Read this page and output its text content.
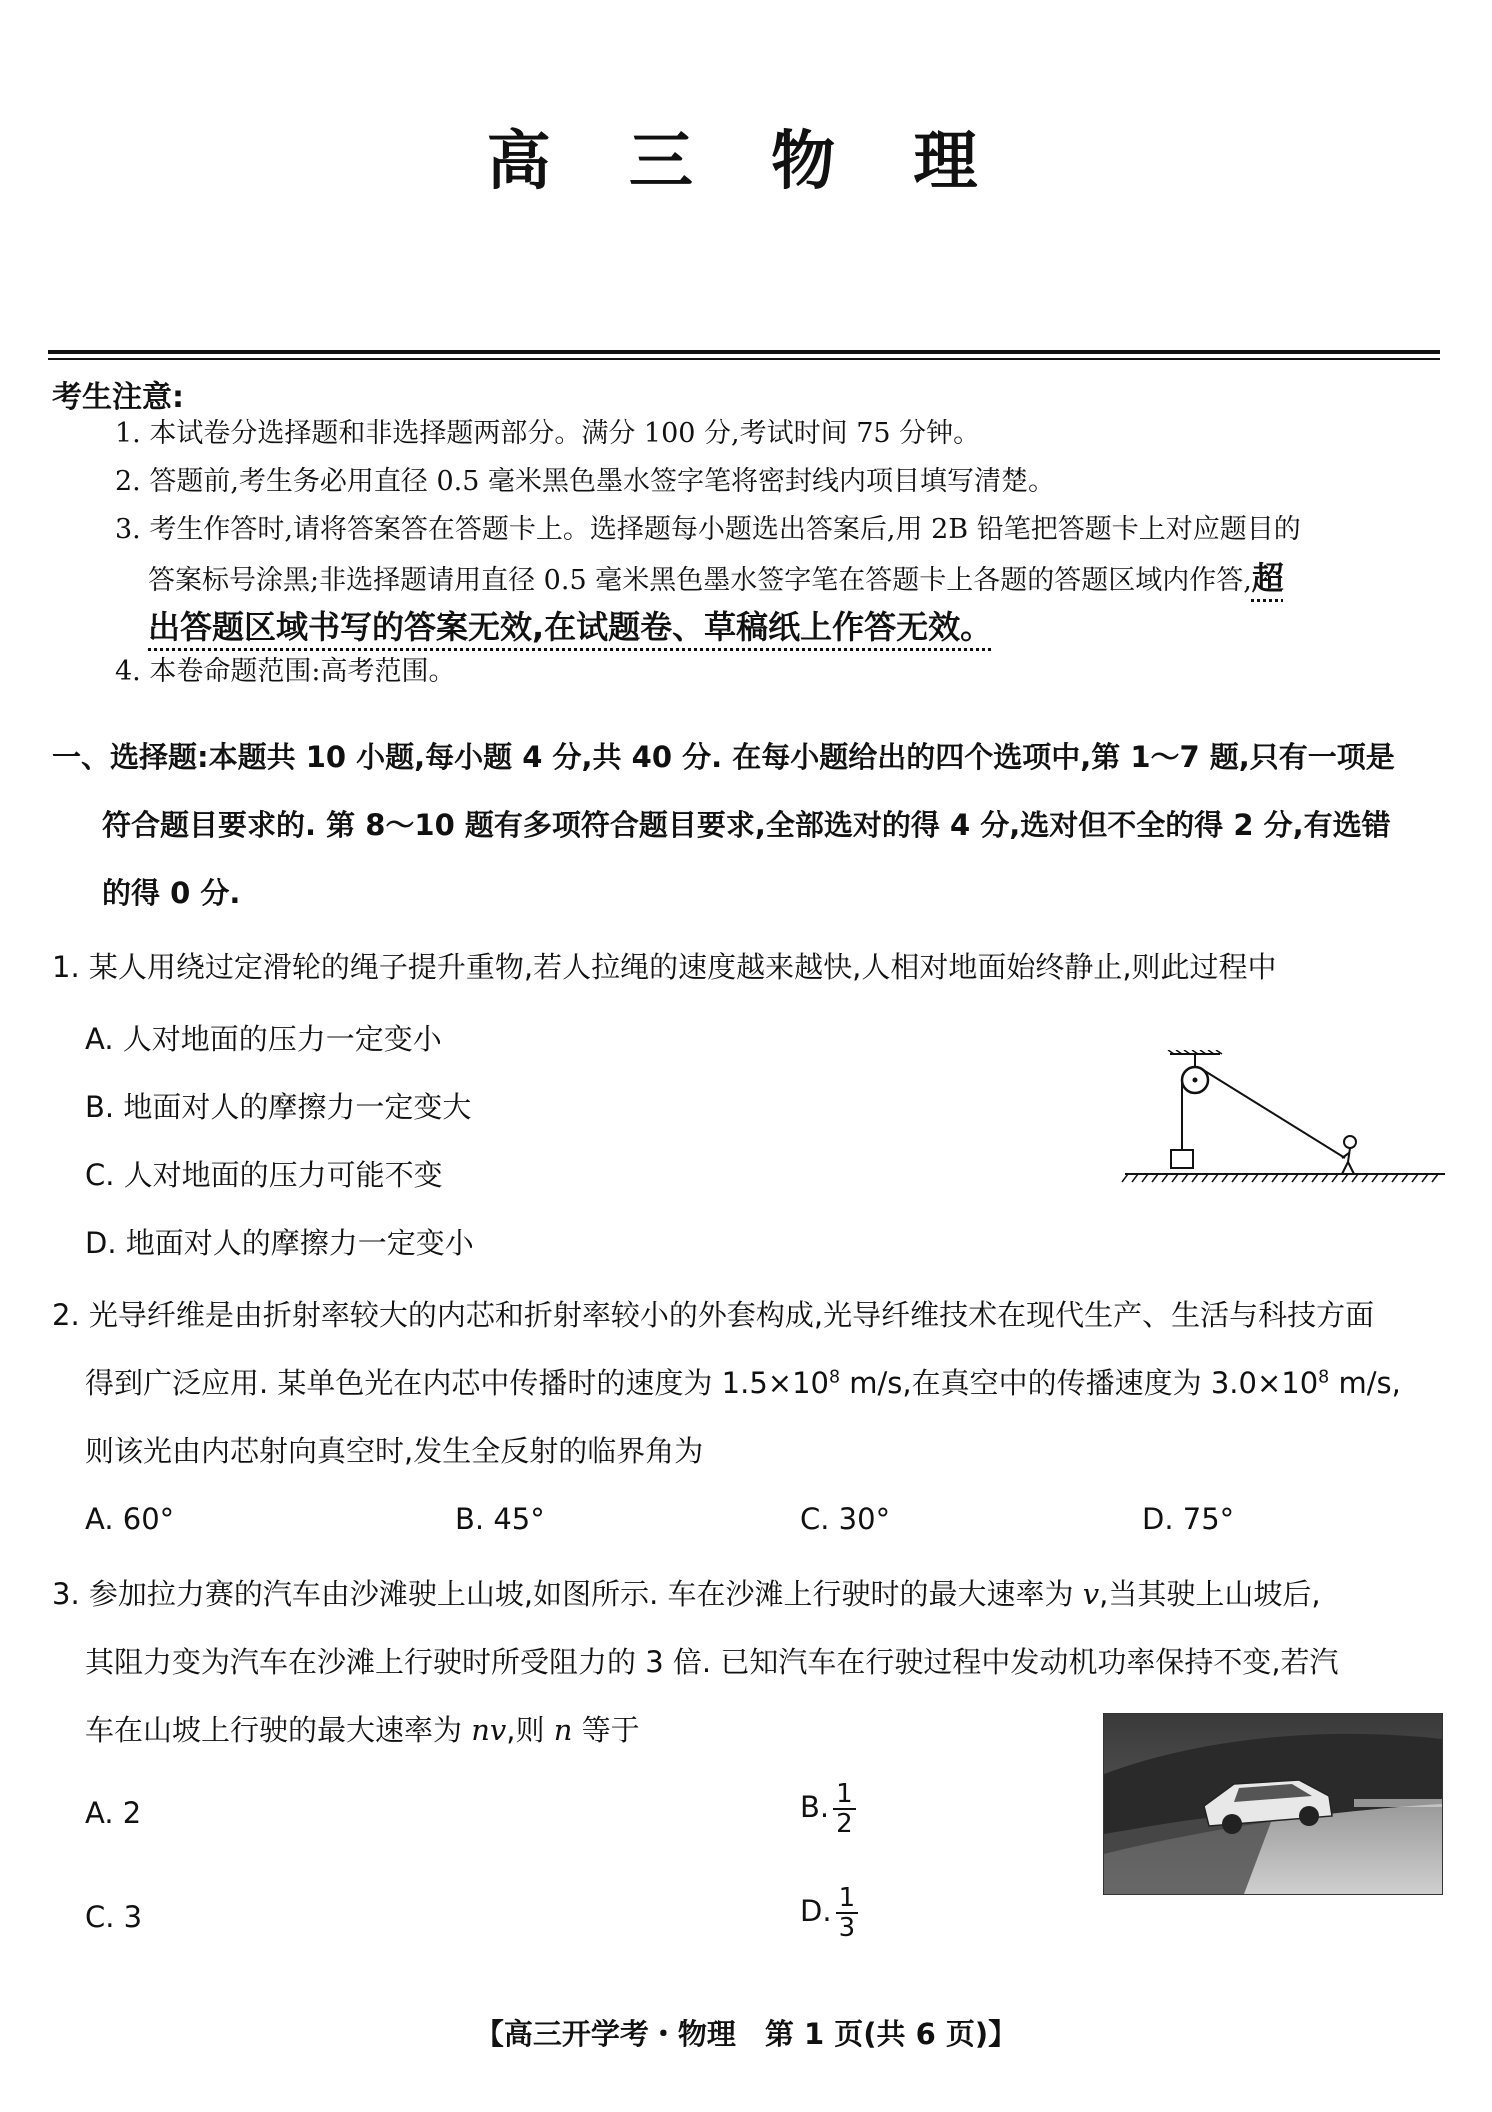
高 三 物 理
考生注意:
1. 本试卷分选择题和非选择题两部分。满分 100 分,考试时间 75 分钟。
2. 答题前,考生务必用直径 0.5 毫米黑色墨水签字笔将密封线内项目填写清楚。
3. 考生作答时,请将答案答在答题卡上。选择题每小题选出答案后,用 2B 铅笔把答题卡上对应题目的
答案标号涂黑;非选择题请用直径 0.5 毫米黑色墨水签字笔在答题卡上各题的答题区域内作答,超
出答题区域书写的答案无效,在试题卷、草稿纸上作答无效。
4. 本卷命题范围:高考范围。
一、选择题:本题共 10 小题,每小题 4 分,共 40 分. 在每小题给出的四个选项中,第 1～7 题,只有一项是
符合题目要求的. 第 8～10 题有多项符合题目要求,全部选对的得 4 分,选对但不全的得 2 分,有选错
的得 0 分.
1. 某人用绕过定滑轮的绳子提升重物,若人拉绳的速度越来越快,人相对地面始终静止,则此过程中
A. 人对地面的压力一定变小
B. 地面对人的摩擦力一定变大
C. 人对地面的压力可能不变
D. 地面对人的摩擦力一定变小
2. 光导纤维是由折射率较大的内芯和折射率较小的外套构成,光导纤维技术在现代生产、生活与科技方面
得到广泛应用. 某单色光在内芯中传播时的速度为 $1.5\times 10^8$ m/s,在真空中的传播速度为 $3.0\times 10^8$ m/s,
则该光由内芯射向真空时,发生全反射的临界角为
A. 60°	B. 45°	C. 30°	D. 75°
3. 参加拉力赛的汽车由沙滩驶上山坡,如图所示. 车在沙滩上行驶时的最大速率为 v,当其驶上山坡后,
其阻力变为汽车在沙滩上行驶时所受阻力的 3 倍. 已知汽车在行驶过程中发动机功率保持不变,若汽
车在山坡上行驶的最大速率为 nv,则 n 等于
A. 2
C. 3
B. $\frac{1}{2}$
D. $\frac{1}{3}$
【高三开学考・物理　第 1 页(共 6 页)】
